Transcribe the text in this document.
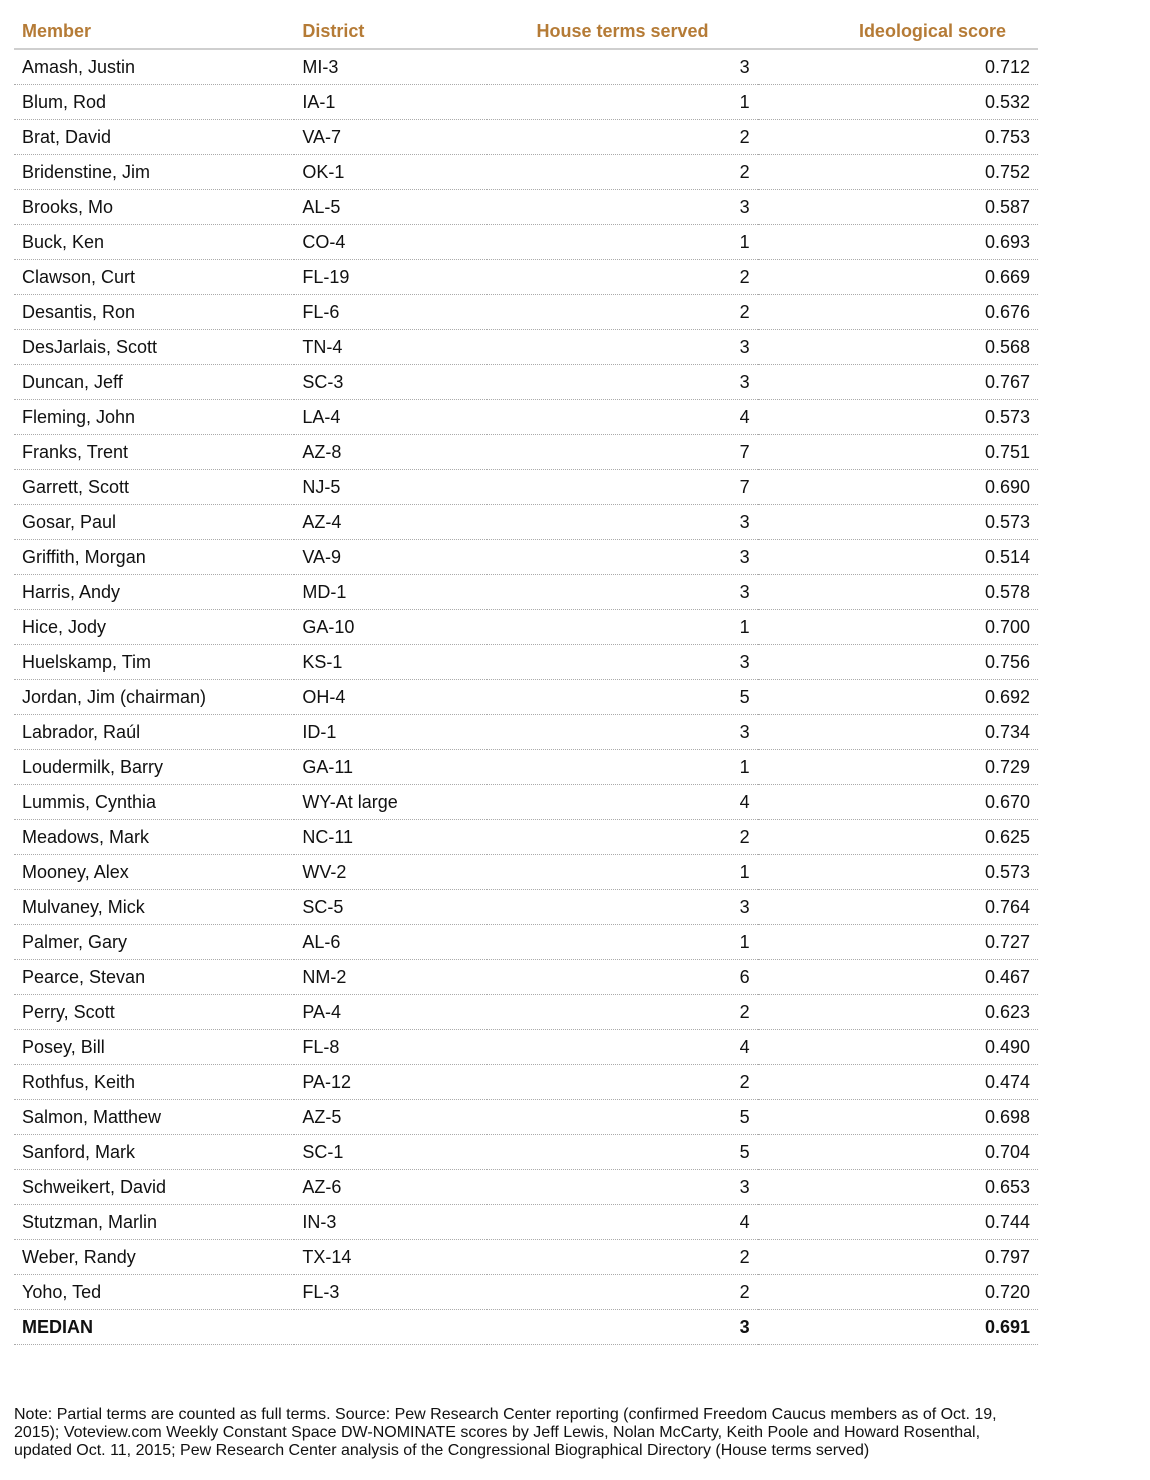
Member	District	House terms served	Ideological score
Amash, Justin	MI-3	3	0.712
Blum, Rod	IA-1	1	0.532
Brat, David	VA-7	2	0.753
Bridenstine, Jim	OK-1	2	0.752
Brooks, Mo	AL-5	3	0.587
Buck, Ken	CO-4	1	0.693
Clawson, Curt	FL-19	2	0.669
Desantis, Ron	FL-6	2	0.676
DesJarlais, Scott	TN-4	3	0.568
Duncan, Jeff	SC-3	3	0.767
Fleming, John	LA-4	4	0.573
Franks, Trent	AZ-8	7	0.751
Garrett, Scott	NJ-5	7	0.690
Gosar, Paul	AZ-4	3	0.573
Griffith, Morgan	VA-9	3	0.514
Harris, Andy	MD-1	3	0.578
Hice, Jody	GA-10	1	0.700
Huelskamp, Tim	KS-1	3	0.756
Jordan, Jim (chairman)	OH-4	5	0.692
Labrador, Raúl	ID-1	3	0.734
Loudermilk, Barry	GA-11	1	0.729
Lummis, Cynthia	WY-At large	4	0.670
Meadows, Mark	NC-11	2	0.625
Mooney, Alex	WV-2	1	0.573
Mulvaney, Mick	SC-5	3	0.764
Palmer, Gary	AL-6	1	0.727
Pearce, Stevan	NM-2	6	0.467
Perry, Scott	PA-4	2	0.623
Posey, Bill	FL-8	4	0.490
Rothfus, Keith	PA-12	2	0.474
Salmon, Matthew	AZ-5	5	0.698
Sanford, Mark	SC-1	5	0.704
Schweikert, David	AZ-6	3	0.653
Stutzman, Marlin	IN-3	4	0.744
Weber, Randy	TX-14	2	0.797
Yoho, Ted	FL-3	2	0.720
MEDIAN		3	0.691
Note: Partial terms are counted as full terms. Source: Pew Research Center reporting (confirmed Freedom Caucus members as of Oct. 19, 2015); Voteview.com Weekly Constant Space DW-NOMINATE scores by Jeff Lewis, Nolan McCarty, Keith Poole and Howard Rosenthal, updated Oct. 11, 2015; Pew Research Center analysis of the Congressional Biographical Directory (House terms served)
